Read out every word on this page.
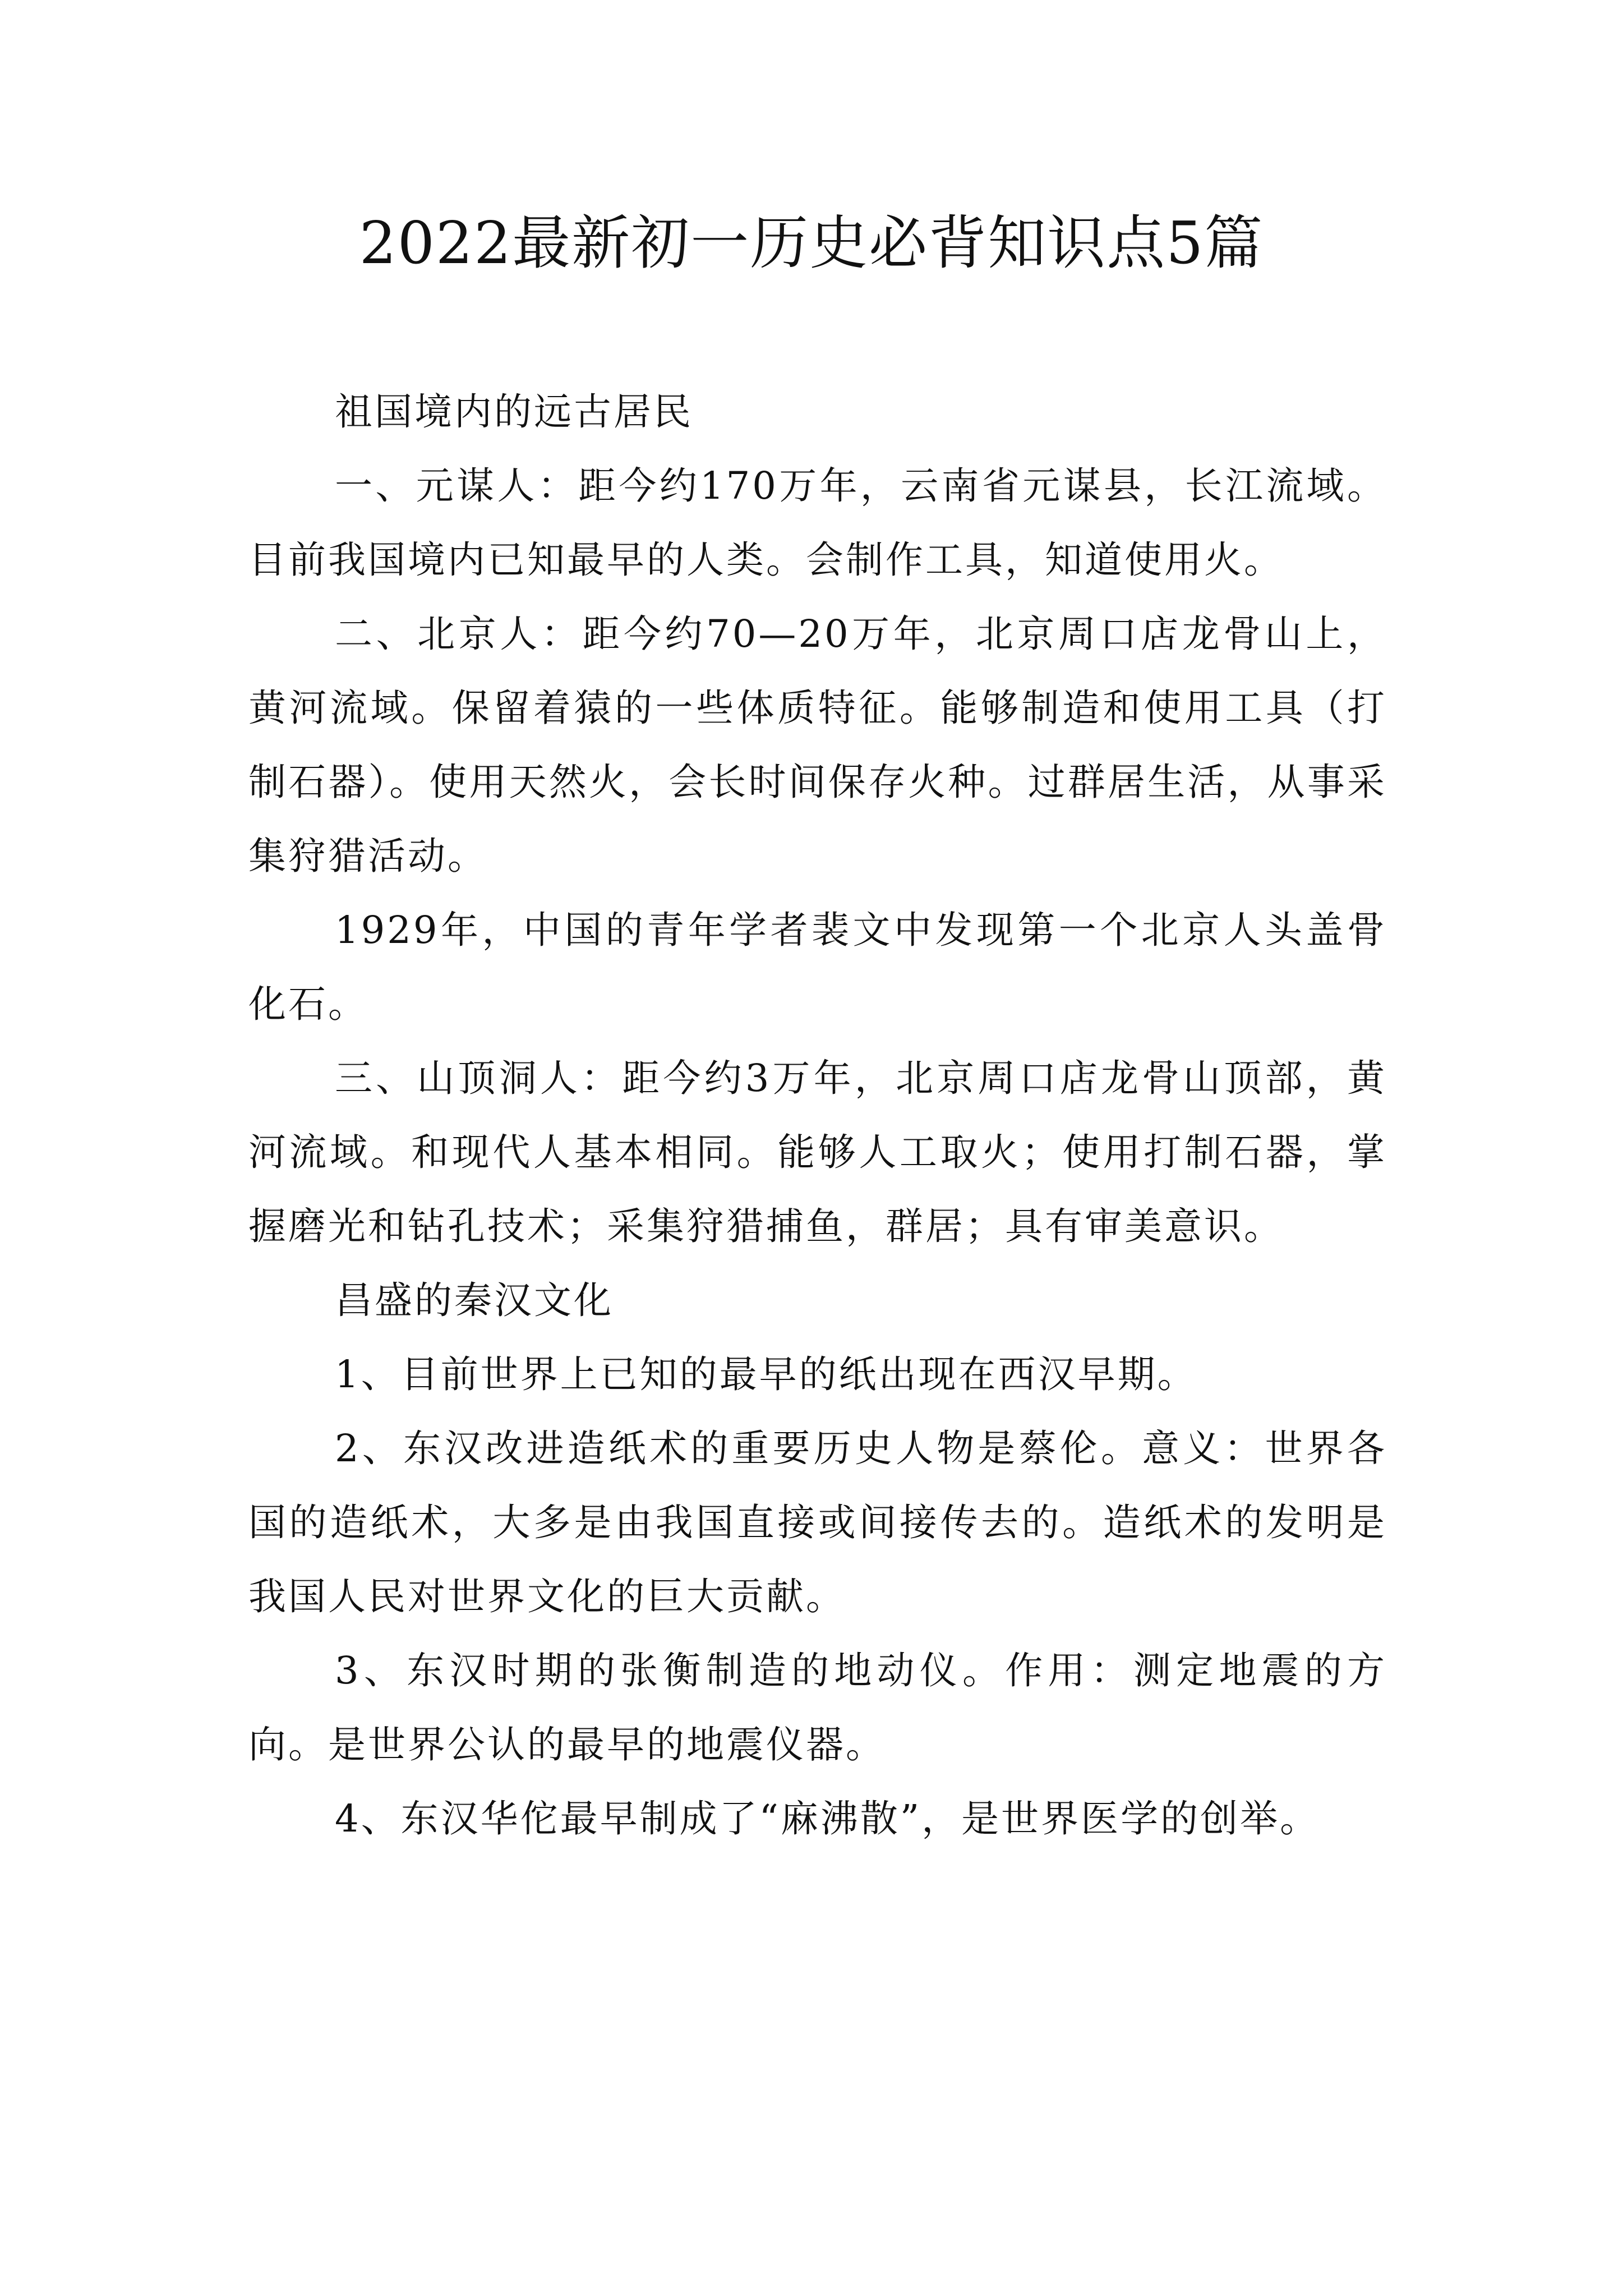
2022最新初一历史必背知识点5篇

祖国境内的远古居民

一、元谋人：距今约170万年，云南省元谋县，长江流域。目前我国境内已知最早的人类。会制作工具，知道使用火。

二、北京人：距今约70—20万年，北京周口店龙骨山上，黄河流域。保留着猿的一些体质特征。能够制造和使用工具（打制石器）。使用天然火，会长时间保存火种。过群居生活，从事采集狩猎活动。

1929年，中国的青年学者裴文中发现第一个北京人头盖骨化石。

三、山顶洞人：距今约3万年，北京周口店龙骨山顶部，黄河流域。和现代人基本相同。能够人工取火；使用打制石器，掌握磨光和钻孔技术；采集狩猎捕鱼，群居；具有审美意识。

昌盛的秦汉文化

1、目前世界上已知的最早的纸出现在西汉早期。

2、东汉改进造纸术的重要历史人物是蔡伦。意义：世界各国的造纸术，大多是由我国直接或间接传去的。造纸术的发明是我国人民对世界文化的巨大贡献。

3、东汉时期的张衡制造的地动仪。作用：测定地震的方向。是世界公认的最早的地震仪器。

4、东汉华佗最早制成了“麻沸散”，是世界医学的创举。
